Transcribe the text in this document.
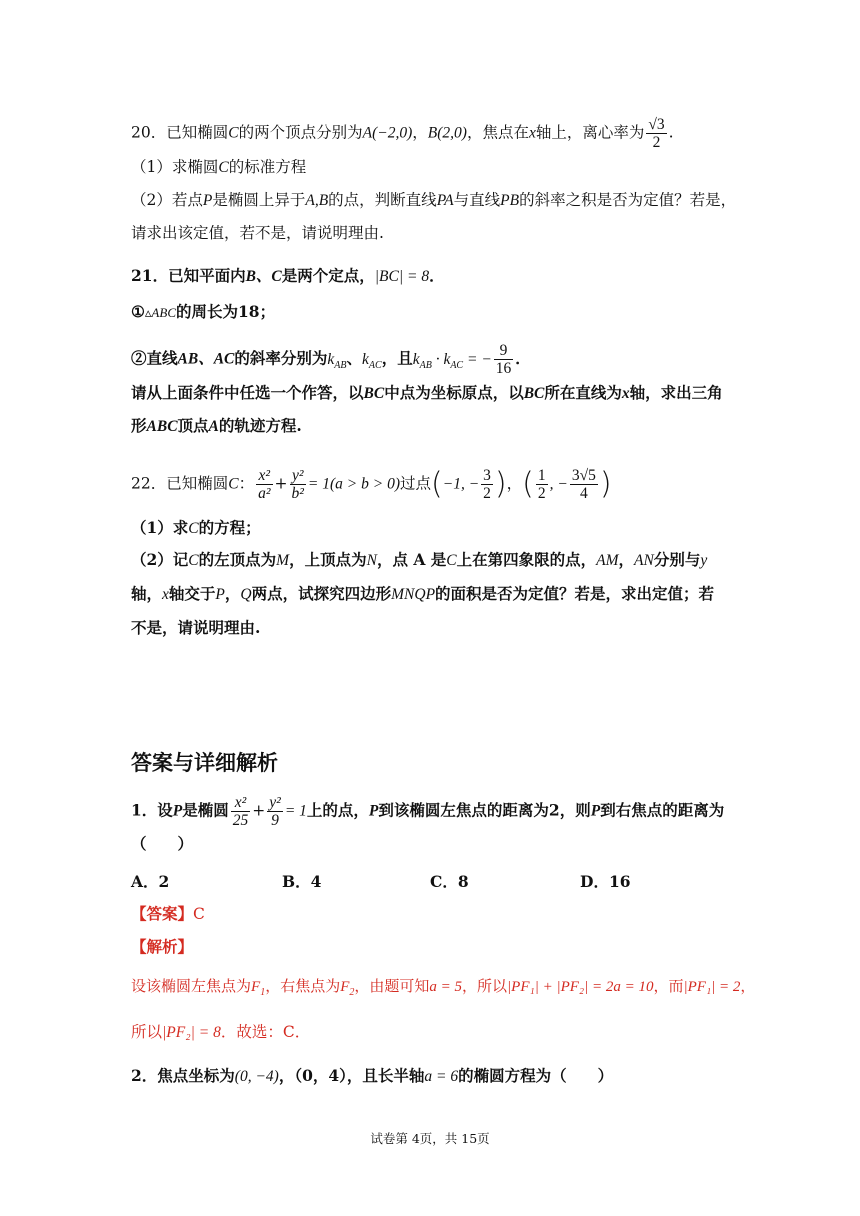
20．已知椭圆C的两个顶点分别为A(−2,0)，B(2,0)，焦点在x轴上，离心率为 $\frac{√3}{2}$ .
（1）求椭圆C的标准方程
（2）若点P是椭圆上异于A,B的点，判断直线PA与直线PB的斜率之积是否为定值？若是，
请求出该定值，若不是，请说明理由.
21．已知平面内B、C是两个定点，|BC| = 8．
①▵ABC的周长为18；
②直线AB、AC的斜率分别为$k_{AB}$、$k_{AC}$，且$k_{AB} \cdot k_{AC}$ = − $\frac{9}{16}$ ．
请从上面条件中任选一个作答，以BC中点为坐标原点，以BC所在直线为x轴，求出三角
形ABC顶点A的轨迹方程.
22．已知椭圆C： $\frac{\text{x²}}{\text{a²}} + \frac{\text{y²}}{\text{b²}} = 1(a > b > 0)$过点(−1, − $\frac{3}{2}$ )，( $\frac{1}{2}$ , − $\frac{3√5}{4}$ )
（1）求C的方程；
（2）记C的左顶点为M，上顶点为N，点 A 是C上在第四象限的点，AM，AN分别与y
轴，x轴交于P，Q两点，试探究四边形MNQP的面积是否为定值？若是，求出定值；若
不是，请说明理由.
答案与详细解析
1．设P是椭圆 $\frac{\text{x²}}{25} + \frac{\text{y²}}{9} = 1$上的点，P到该椭圆左焦点的距离为2，则P到右焦点的距离为
（　　）
A．2	B．4	C．8	D．16
【答案】C
【解析】
设该椭圆左焦点为$F_1$，右焦点为$F_2$，由题可知a = 5，所以|PF₁| + |PF₂| = 2a = 10，而|PF₁| = 2，
所以|PF₂| = 8．故选：C．
2．焦点坐标为(0, −4)，（0，4），且长半轴a = 6的椭圆方程为（　　）
试卷第 4页，共 15页
